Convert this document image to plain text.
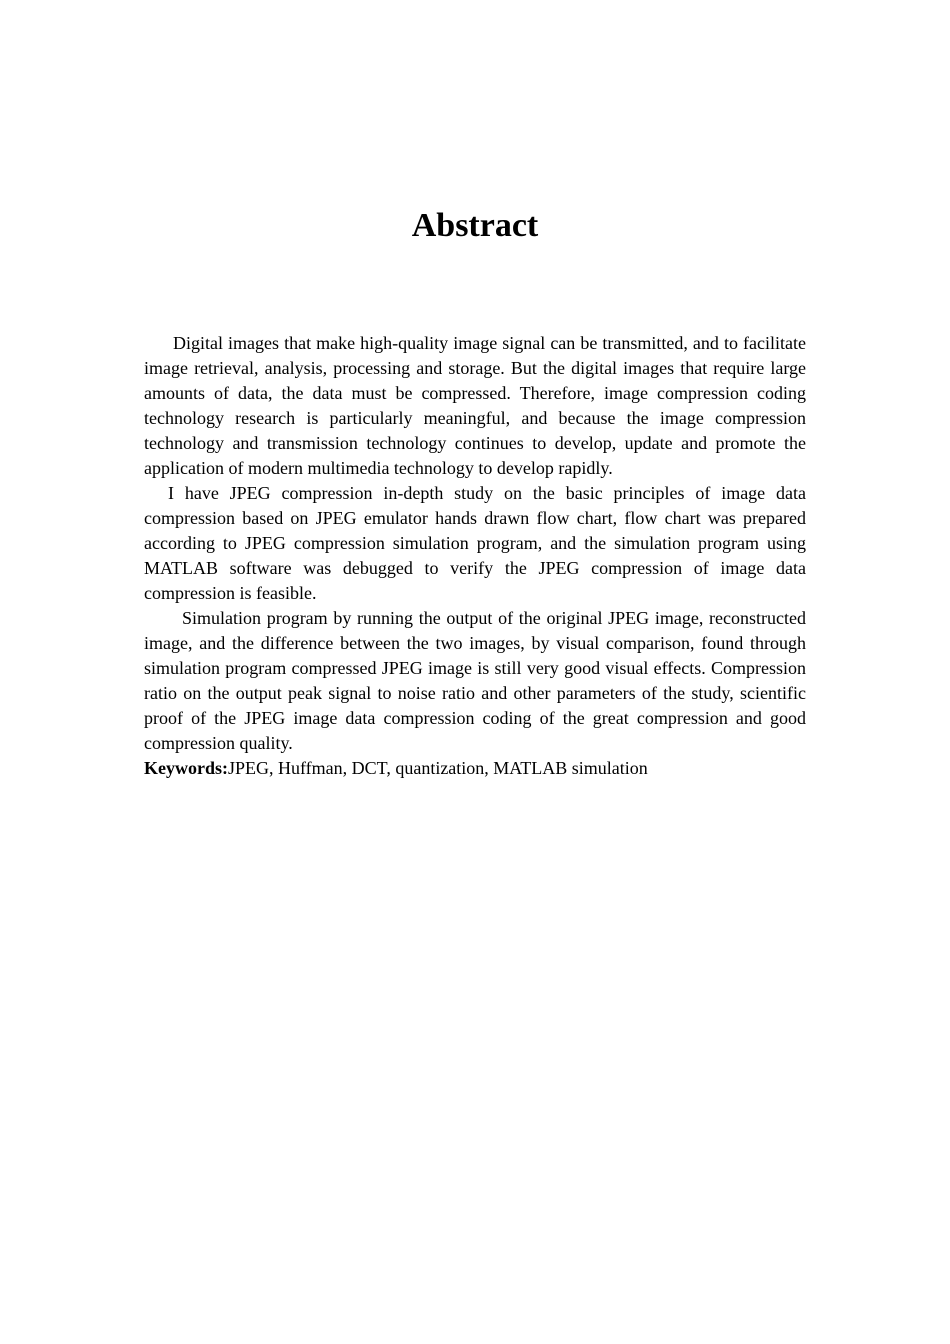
Abstract

Digital images that make high-quality image signal can be transmitted, and to facilitate image retrieval, analysis, processing and storage. But the digital images that require large amounts of data, the data must be compressed. Therefore, image compression coding technology research is particularly meaningful, and because the image compression technology and transmission technology continues to develop, update and promote the application of modern multimedia technology to develop rapidly.

I have JPEG compression in-depth study on the basic principles of image data compression based on JPEG emulator hands drawn flow chart, flow chart was prepared according to JPEG compression simulation program, and the simulation program using MATLAB software was debugged to verify the JPEG compression of image data compression is feasible.

Simulation program by running the output of the original JPEG image, reconstructed image, and the difference between the two images, by visual comparison, found through simulation program compressed JPEG image is still very good visual effects. Compression ratio on the output peak signal to noise ratio and other parameters of the study, scientific proof of the JPEG image data compression coding of the great compression and good compression quality.

Keywords:JPEG, Huffman, DCT, quantization, MATLAB simulation
